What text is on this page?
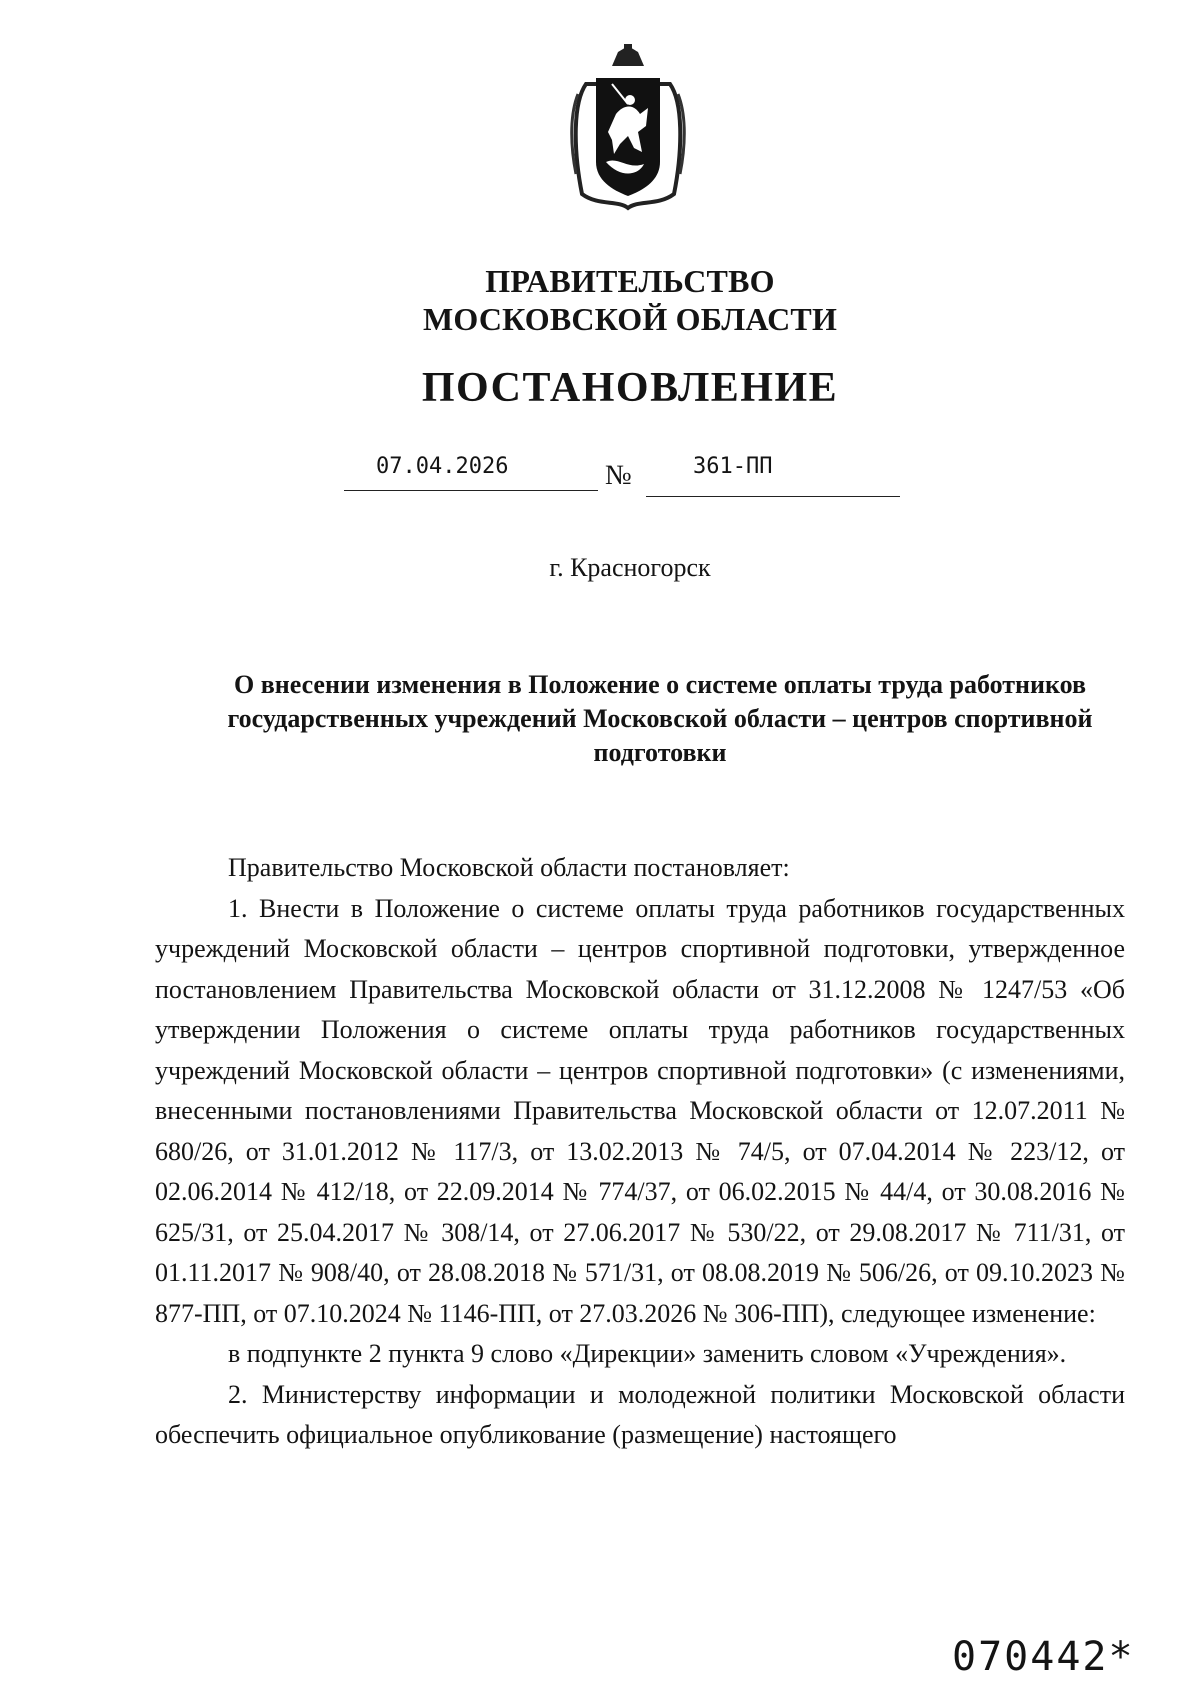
ПРАВИТЕЛЬСТВО
МОСКОВСКОЙ ОБЛАСТИ
ПОСТАНОВЛЕНИЕ
07.04.2026	№	361-ПП
г. Красногорск
О внесении изменения в Положение о системе оплаты труда работников государственных учреждений Московской области – центров спортивной подготовки

Правительство Московской области постановляет:

1. Внести в Положение о системе оплаты труда работников государственных учреждений Московской области – центров спортивной подготовки, утвержденное постановлением Правительства Московской области от 31.12.2008 № 1247/53 «Об утверждении Положения о системе оплаты труда работников государственных учреждений Московской области – центров спортивной подготовки» (с изменениями, внесенными постановлениями Правительства Московской области от 12.07.2011 № 680/26, от 31.01.2012 № 117/3, от 13.02.2013 № 74/5, от 07.04.2014 № 223/12, от 02.06.2014 № 412/18, от 22.09.2014 № 774/37, от 06.02.2015 № 44/4, от 30.08.2016 № 625/31, от 25.04.2017 № 308/14, от 27.06.2017 № 530/22, от 29.08.2017 № 711/31, от 01.11.2017 № 908/40, от 28.08.2018 № 571/31, от 08.08.2019 № 506/26, от 09.10.2023 № 877-ПП, от 07.10.2024 № 1146-ПП, от 27.03.2026 № 306-ПП), следующее изменение:

в подпункте 2 пункта 9 слово «Дирекции» заменить словом «Учреждения».

2. Министерству информации и молодежной политики Московской области обеспечить официальное опубликование (размещение) настоящего

070442*
